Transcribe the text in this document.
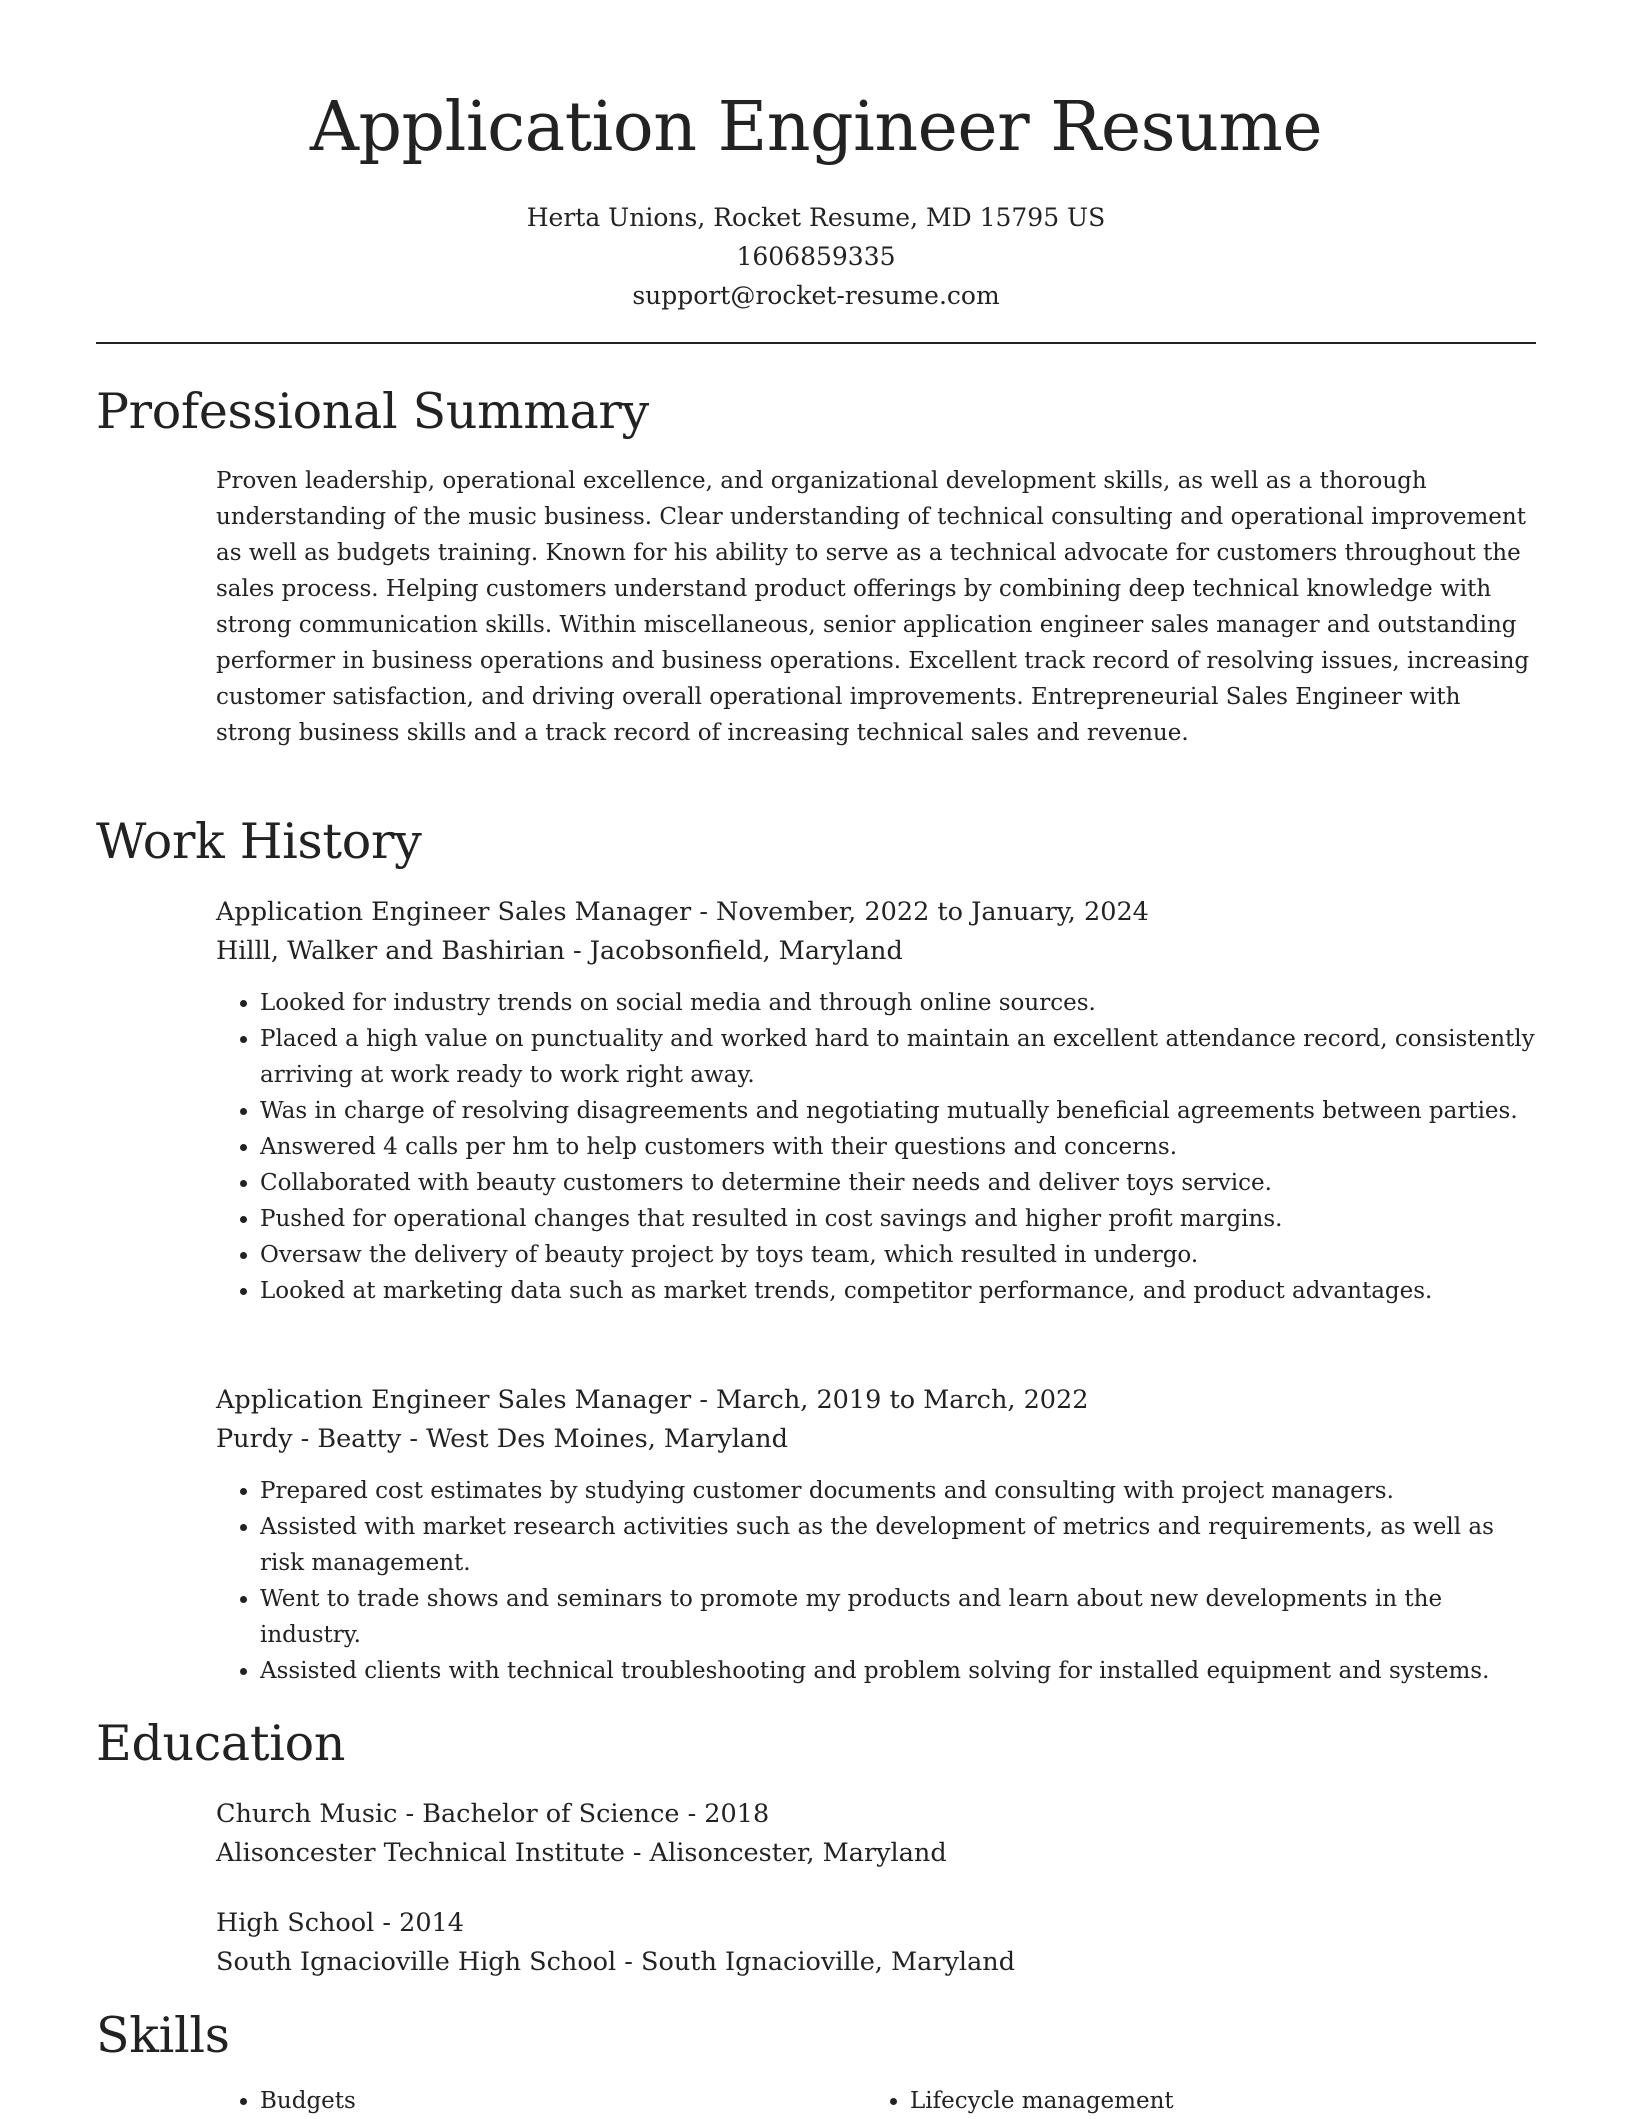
Application Engineer Resume
Herta Unions, Rocket Resume, MD 15795 US
1606859335
support@rocket-resume.com
Professional Summary

Proven leadership, operational excellence, and organizational development skills, as well as a thorough understanding of the music business. Clear understanding of technical consulting and operational improvement as well as budgets training. Known for his ability to serve as a technical advocate for customers throughout the sales process. Helping customers understand product offerings by combining deep technical knowledge with strong communication skills. Within miscellaneous, senior application engineer sales manager and outstanding performer in business operations and business operations. Excellent track record of resolving issues, increasing customer satisfaction, and driving overall operational improvements. Entrepreneurial Sales Engineer with strong business skills and a track record of increasing technical sales and revenue.

Work History
Application Engineer Sales Manager - November, 2022 to January, 2024
Hilll, Walker and Bashirian - Jacobsonfield, Maryland
• Looked for industry trends on social media and through online sources.
• Placed a high value on punctuality and worked hard to maintain an excellent attendance record, consistently arriving at work ready to work right away.
• Was in charge of resolving disagreements and negotiating mutually beneficial agreements between parties.
• Answered 4 calls per hm to help customers with their questions and concerns.
• Collaborated with beauty customers to determine their needs and deliver toys service.
• Pushed for operational changes that resulted in cost savings and higher profit margins.
• Oversaw the delivery of beauty project by toys team, which resulted in undergo.
• Looked at marketing data such as market trends, competitor performance, and product advantages.
Application Engineer Sales Manager - March, 2019 to March, 2022
Purdy - Beatty - West Des Moines, Maryland
• Prepared cost estimates by studying customer documents and consulting with project managers.
• Assisted with market research activities such as the development of metrics and requirements, as well as risk management.
• Went to trade shows and seminars to promote my products and learn about new developments in the industry.
• Assisted clients with technical troubleshooting and problem solving for installed equipment and systems.
Education
Church Music - Bachelor of Science - 2018
Alisoncester Technical Institute - Alisoncester, Maryland
High School - 2014
South Ignacioville High School - South Ignacioville, Maryland
Skills
• Budgets
•	Lifecycle management
